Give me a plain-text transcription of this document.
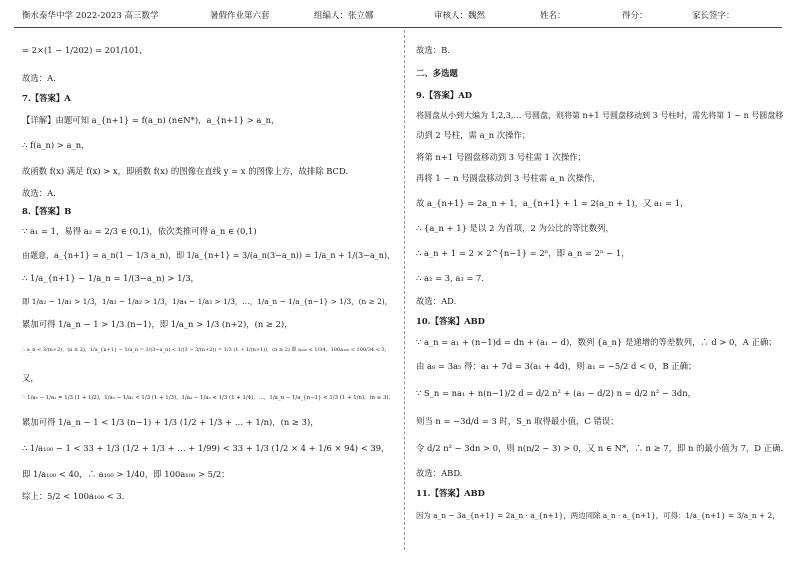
衡水泰华中学 2022-2023 高三数学	暑假作业第六套	组编人：张立娜	审核人：魏然	姓名：	得分：	家长签字：
= 2×(1 − 1/202) = 201/101,
故选：A.
7.【答案】A
【详解】由题可知 a_{n+1} = f(a_n) (n∈N*)，a_{n+1} > a_n，
∴ f(a_n) > a_n，
故函数 f(x) 满足 f(x) > x，即函数 f(x) 的图像在直线 y = x 的图像上方，故排除 BCD.
故选：A.
8.【答案】B
∵ a₁ = 1，易得 a₂ = 2/3 ∈ (0,1)，依次类推可得 a_n ∈ (0,1)
由题意，a_{n+1} = a_n(1 − 1/3 a_n)，即 1/a_{n+1} = 3/(a_n(3−a_n)) = 1/a_n + 1/(3−a_n)，
∴ 1/a_{n+1} − 1/a_n = 1/(3−a_n) > 1/3，
即 1/a₂ − 1/a₁ > 1/3，1/a₃ − 1/a₂ > 1/3，1/a₄ − 1/a₃ > 1/3，…，1/a_n − 1/a_{n−1} > 1/3，(n ≥ 2)，
累加可得 1/a_n − 1 > 1/3 (n−1)，即 1/a_n > 1/3 (n+2)，(n ≥ 2)，
∴ a_n < 3/(n+2)，(n ≥ 2)，1/a_{n+1} − 1/a_n = 1/(3−a_n) < 1/(3 − 3/(n+2)) = 1/3 (1 + 1/(n+1))，(n ≥ 2) 即 a₁₀₀ < 1/34，100a₁₀₀ < 100/34 < 3，
又，
∴ 1/a₂ − 1/a₁ = 1/3 (1 + 1/2)，1/a₃ − 1/a₂ < 1/3 (1 + 1/3)，1/a₄ − 1/a₃ < 1/3 (1 + 1/4)，…，1/a_n − 1/a_{n−1} < 1/3 (1 + 1/n)，(n ≥ 3)，
累加可得 1/a_n − 1 < 1/3 (n−1) + 1/3 (1/2 + 1/3 + … + 1/n)，(n ≥ 3)，
∴ 1/a₁₀₀ − 1 < 33 + 1/3 (1/2 + 1/3 + … + 1/99) < 33 + 1/3 (1/2 × 4 + 1/6 × 94) < 39，
即 1/a₁₀₀ < 40，∴ a₁₀₀ > 1/40，即 100a₁₀₀ > 5/2；
综上：5/2 < 100a₁₀₀ < 3.
故选：B.
二、多选题
9.【答案】AD
将圆盘从小到大编为 1,2,3,… 号圆盘，则将第 n+1 号圆盘移动到 3 号柱时，需先将第 1 ~ n 号圆盘移
动到 2 号柱，需 a_n 次操作；
将第 n+1 号圆盘移动到 3 号柱需 1 次操作；
再将 1 ~ n 号圆盘移动到 3 号柱需 a_n 次操作，
故 a_{n+1} = 2a_n + 1，a_{n+1} + 1 = 2(a_n + 1)，又 a₁ = 1，
∴ {a_n + 1} 是以 2 为首项，2 为公比的等比数列，
∴ a_n + 1 = 2 × 2^{n−1} = 2ⁿ，即 a_n = 2ⁿ − 1，
∴ a₂ = 3, a₃ = 7.
故选：AD.
10.【答案】ABD
∵ a_n = a₁ + (n−1)d = dn + (a₁ − d)，数列 {a_n} 是递增的等差数列，∴ d > 0，A 正确；
由 a₈ = 3a₅ 得：a₁ + 7d = 3(a₁ + 4d)，则 a₁ = −5/2 d < 0，B 正确；
∵ S_n = na₁ + n(n−1)/2 d = d/2 n² + (a₁ − d/2) n = d/2 n² − 3dn，
则当 n = −3d/d = 3 时，S_n 取得最小值，C 错误；
令 d/2 n² − 3dn > 0，则 n(n/2 − 3) > 0，又 n ∈ N*，∴ n ≥ 7，即 n 的最小值为 7，D 正确.
故选：ABD.
11.【答案】ABD
因为 a_n − 3a_{n+1} = 2a_n · a_{n+1}，两边同除 a_n · a_{n+1}，可得：1/a_{n+1} = 3/a_n + 2，
